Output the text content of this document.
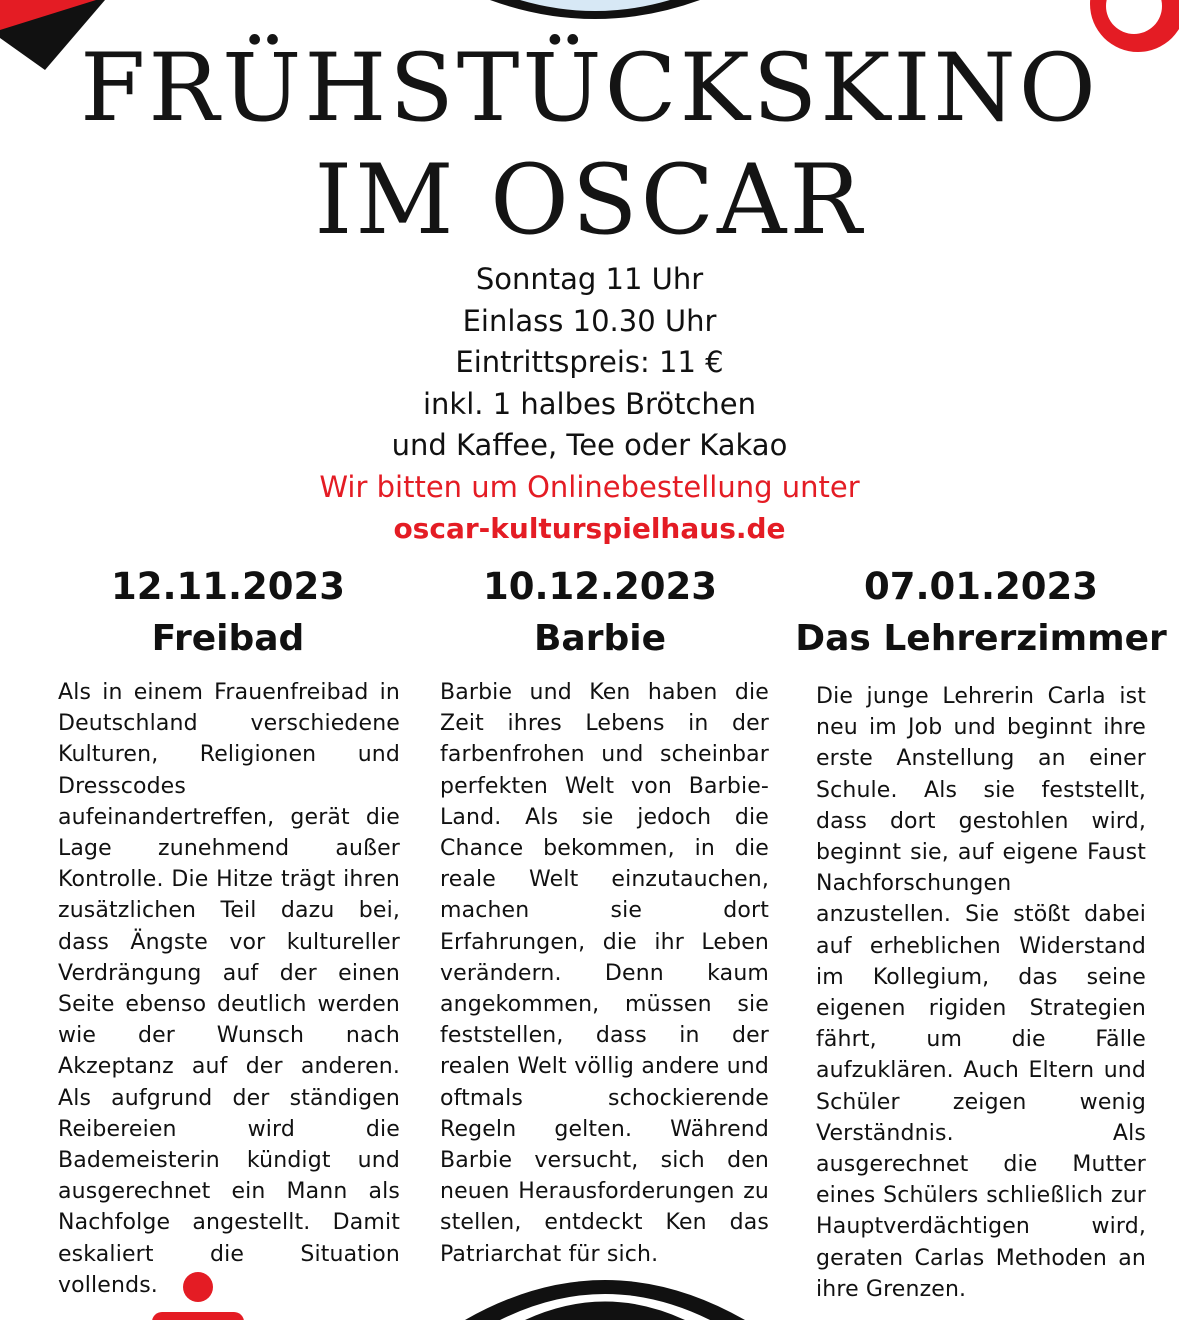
FRÜHSTÜCKSKINO
IM OSCAR
Sonntag 11 Uhr
Einlass 10.30 Uhr
Eintrittspreis: 11 €
inkl. 1 halbes Brötchen
und Kaffee, Tee oder Kakao
Wir bitten um Onlinebestellung unter
oscar-kulturspielhaus.de
12.11.2023
Freibad
Als in einem Frauenfreibad in Deutschland verschiedene Kulturen, Religionen und Dresscodes aufeinandertreffen, gerät die Lage zunehmend außer Kontrolle. Die Hitze trägt ihren zusätzlichen Teil dazu bei, dass Ängste vor kultureller Verdrängung auf der einen Seite ebenso deutlich werden wie der Wunsch nach Akzeptanz auf der anderen. Als aufgrund der ständigen Reibereien wird die Bademeisterin kündigt und ausgerechnet ein Mann als Nachfolge angestellt. Damit eskaliert die Situation vollends.
10.12.2023
Barbie
Barbie und Ken haben die Zeit ihres Lebens in der farbenfrohen und scheinbar perfekten Welt von Barbie-Land. Als sie jedoch die Chance bekommen, in die reale Welt einzutauchen, machen sie dort Erfahrungen, die ihr Leben verändern. Denn kaum angekommen, müssen sie feststellen, dass in der realen Welt völlig andere und oftmals schockierende Regeln gelten. Während Barbie versucht, sich den neuen Herausforderungen zu stellen, entdeckt Ken das Patriarchat für sich.
07.01.2023
Das Lehrerzimmer
Die junge Lehrerin Carla ist neu im Job und beginnt ihre erste Anstellung an einer Schule. Als sie feststellt, dass dort gestohlen wird, beginnt sie, auf eigene Faust Nachforschungen anzustellen. Sie stößt dabei auf erheblichen Widerstand im Kollegium, das seine eigenen rigiden Strategien fährt, um die Fälle aufzuklären. Auch Eltern und Schüler zeigen wenig Verständnis. Als ausgerechnet die Mutter eines Schülers schließlich zur Hauptverdächtigen wird, geraten Carlas Methoden an ihre Grenzen.
